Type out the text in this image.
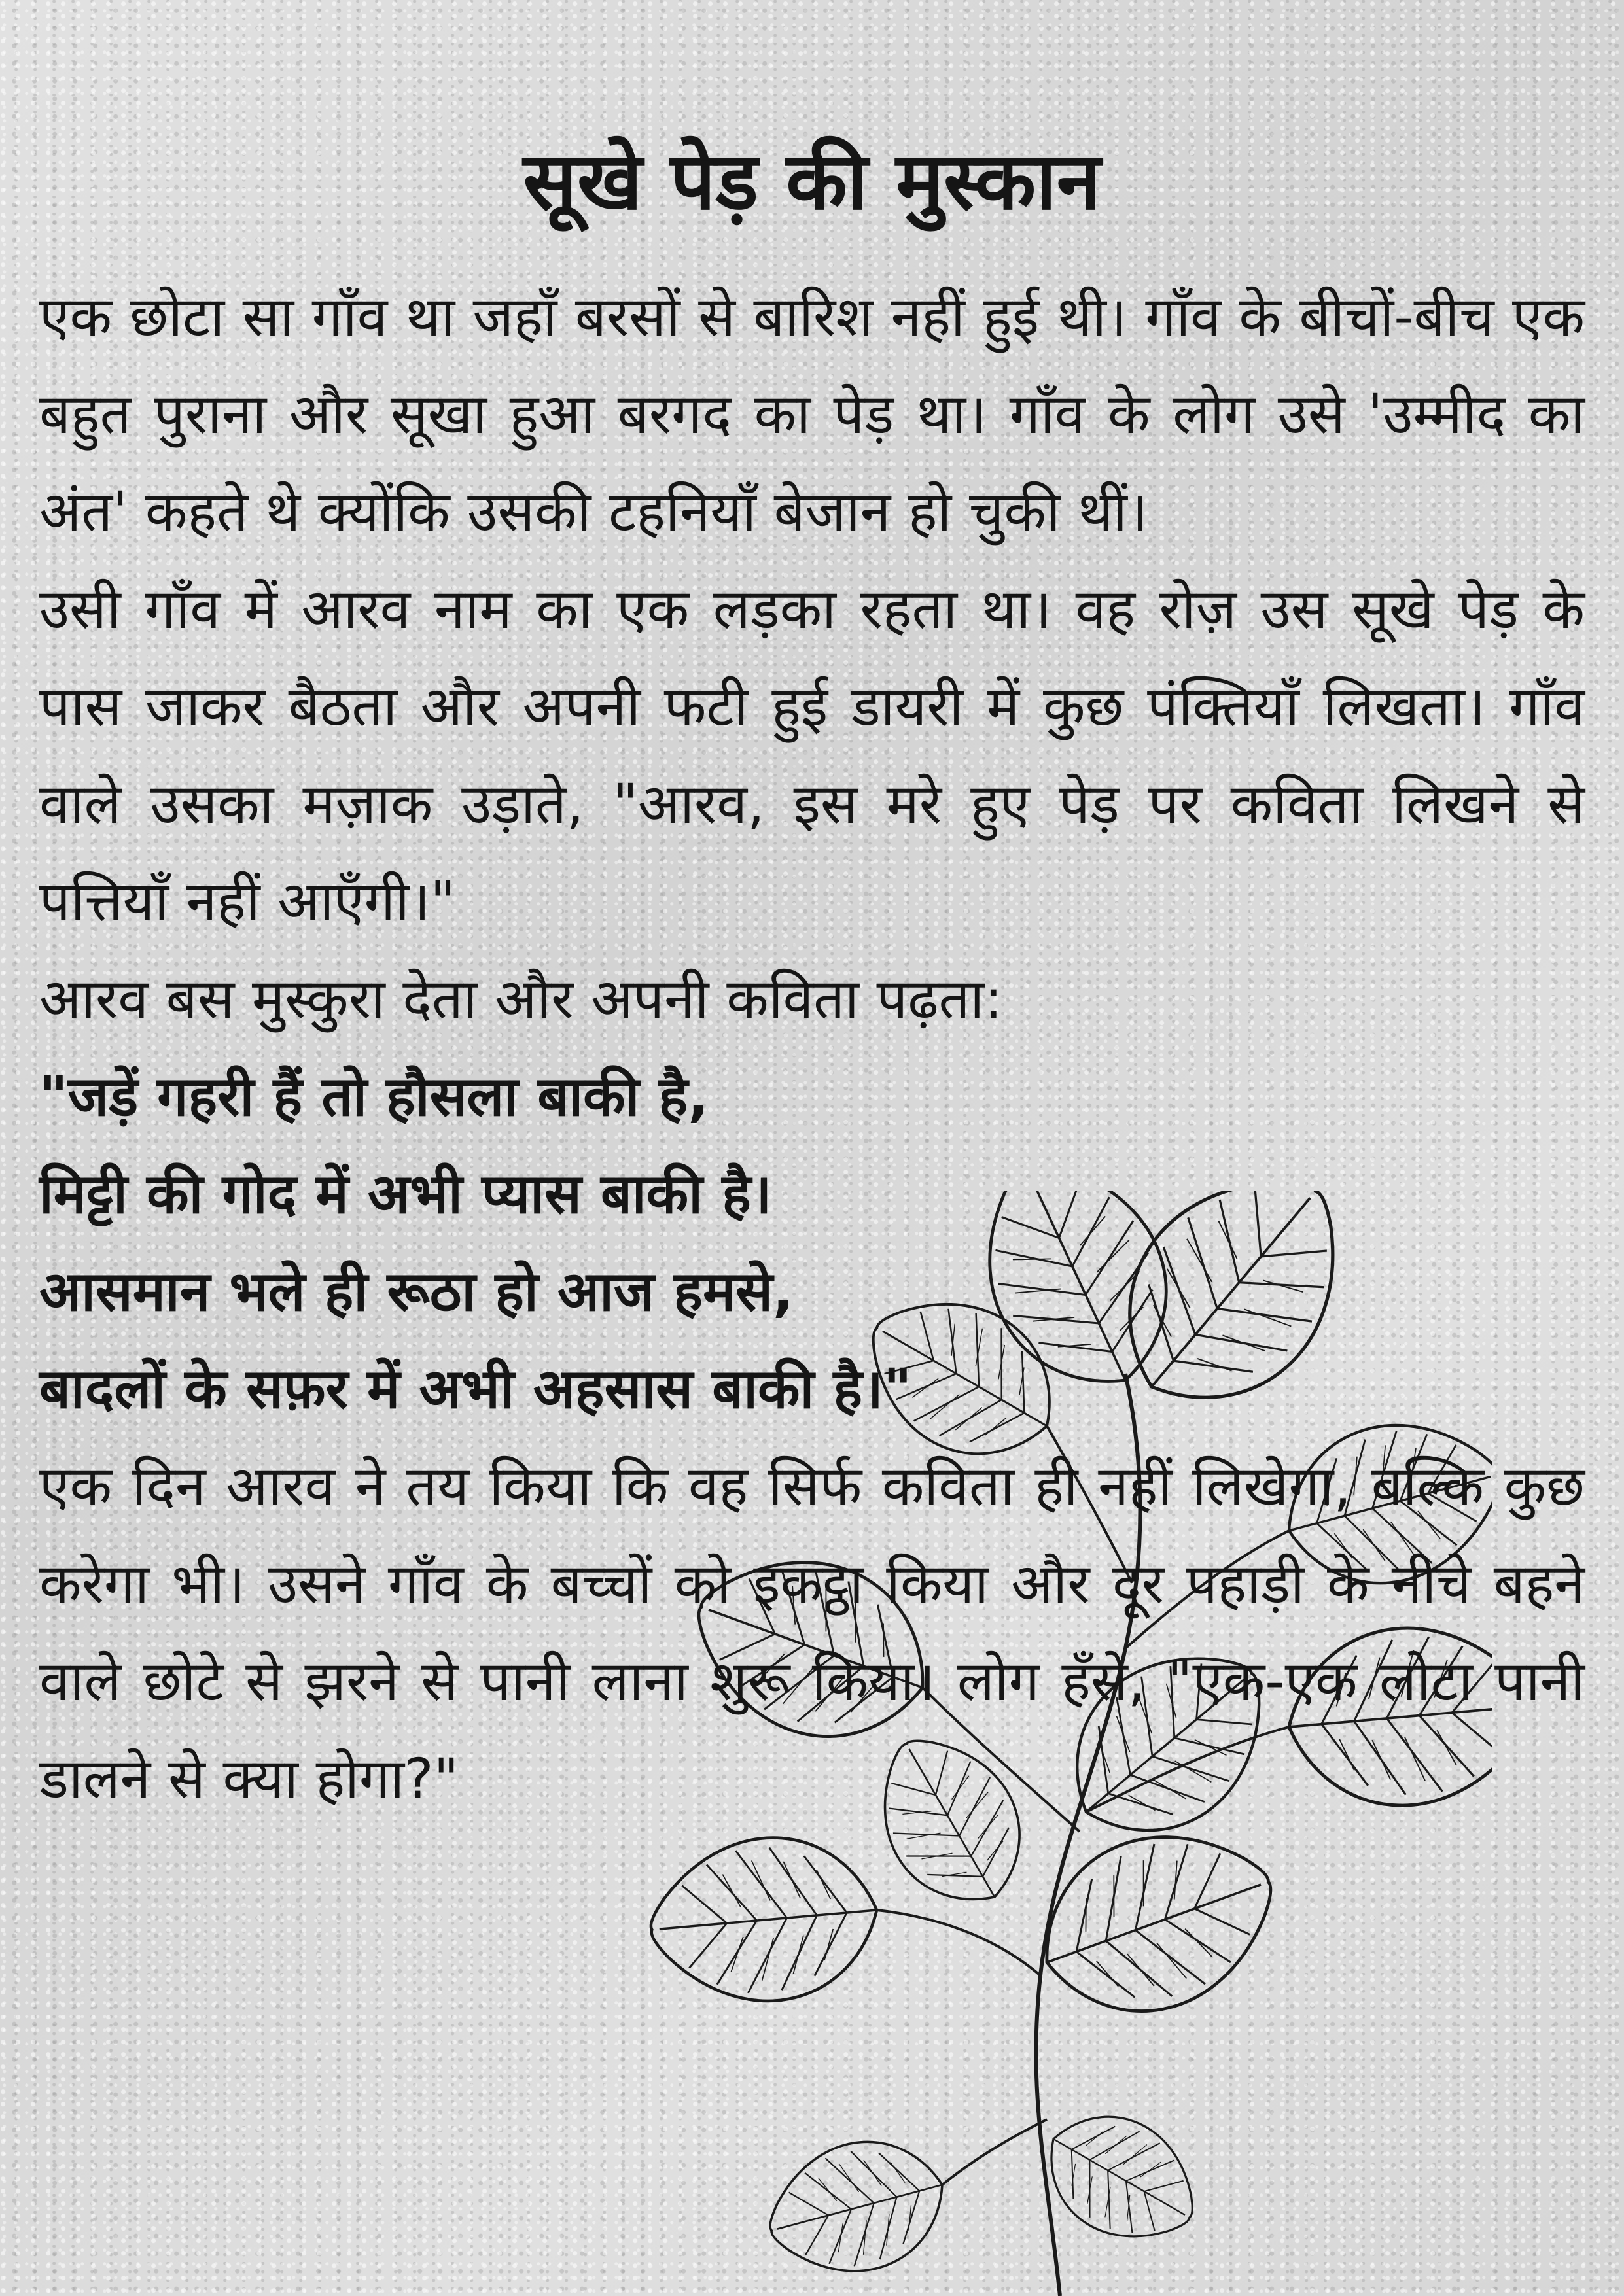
सूखे पेड़ की मुस्कान

एक छोटा सा गाँव था जहाँ बरसों से बारिश नहीं हुई थी। गाँव के बीचों-बीच एक बहुत पुराना और सूखा हुआ बरगद का पेड़ था। गाँव के लोग उसे 'उम्मीद का अंत' कहते थे क्योंकि उसकी टहनियाँ बेजान हो चुकी थीं।

उसी गाँव में आरव नाम का एक लड़का रहता था। वह रोज़ उस सूखे पेड़ के पास जाकर बैठता और अपनी फटी हुई डायरी में कुछ पंक्तियाँ लिखता। गाँव वाले उसका मज़ाक उड़ाते, "आरव, इस मरे हुए पेड़ पर कविता लिखने से पत्तियाँ नहीं आएँगी।"

आरव बस मुस्कुरा देता और अपनी कविता पढ़ता:

"जड़ें गहरी हैं तो हौसला बाकी है,

मिट्टी की गोद में अभी प्यास बाकी है।

आसमान भले ही रूठा हो आज हमसे,

बादलों के सफ़र में अभी अहसास बाकी है।"

एक दिन आरव ने तय किया कि वह सिर्फ कविता ही नहीं लिखेगा, बल्कि कुछ करेगा भी। उसने गाँव के बच्चों को इकट्ठा किया और दूर पहाड़ी के नीचे बहने वाले छोटे से झरने से पानी लाना शुरू किया। लोग हँसे, "एक-एक लोटा पानी डालने से क्या होगा?"
